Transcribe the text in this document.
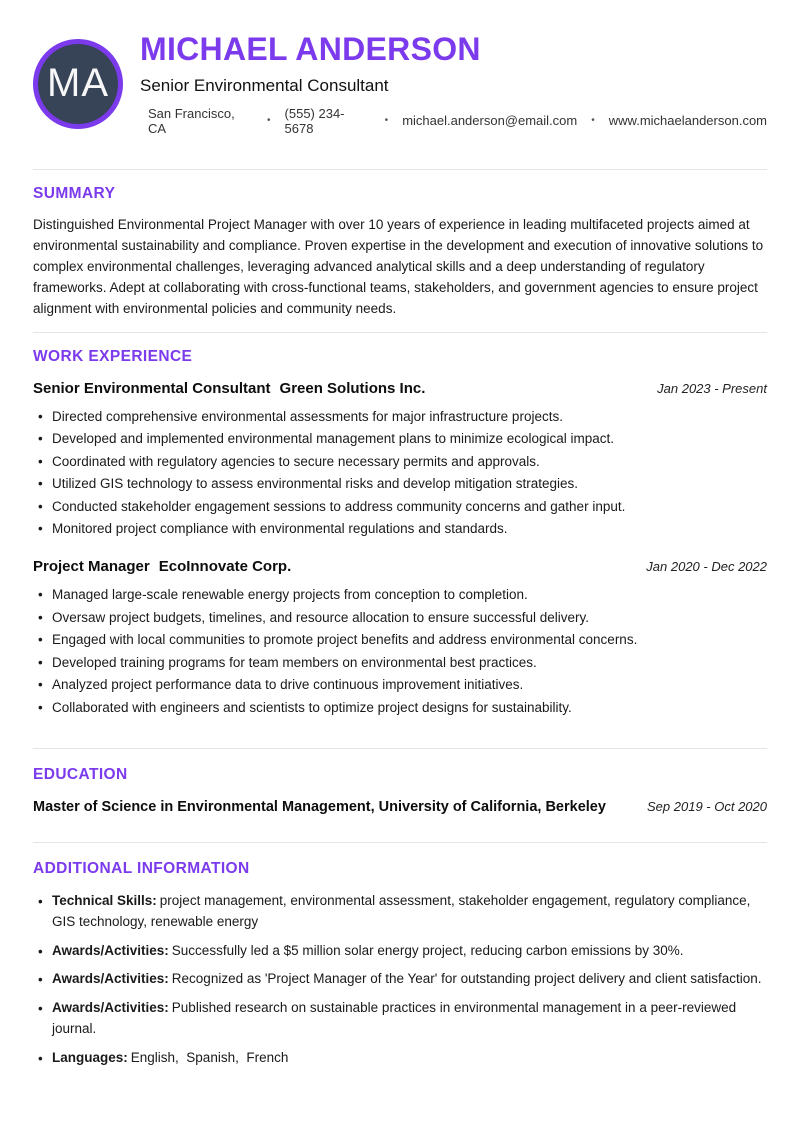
MA
MICHAEL ANDERSON
Senior Environmental Consultant
San Francisco, CA	• (555) 234-5678	• michael.anderson@email.com • www.michaelanderson.com
SUMMARY

Distinguished Environmental Project Manager with over 10 years of experience in leading multifaceted projects aimed at environmental sustainability and compliance. Proven expertise in the development and execution of innovative solutions to complex environmental challenges, leveraging advanced analytical skills and a deep understanding of regulatory frameworks. Adept at collaborating with cross-functional teams, stakeholders, and government agencies to ensure project alignment with environmental policies and community needs.

WORK EXPERIENCE
Senior Environmental Consultant Green Solutions Inc.	Jan 2023 - Present
• Directed comprehensive environmental assessments for major infrastructure projects.
• Developed and implemented environmental management plans to minimize ecological impact.
• Coordinated with regulatory agencies to secure necessary permits and approvals.
• Utilized GIS technology to assess environmental risks and develop mitigation strategies.
• Conducted stakeholder engagement sessions to address community concerns and gather input.
• Monitored project compliance with environmental regulations and standards.
Project Manager EcoInnovate Corp.	Jan 2020 - Dec 2022
• Managed large-scale renewable energy projects from conception to completion.
• Oversaw project budgets, timelines, and resource allocation to ensure successful delivery.
• Engaged with local communities to promote project benefits and address environmental concerns.
• Developed training programs for team members on environmental best practices.
• Analyzed project performance data to drive continuous improvement initiatives.
• Collaborated with engineers and scientists to optimize project designs for sustainability.
EDUCATION
Master of Science in Environmental Management, University of California, Berkeley	Sep 2019 - Oct 2020
ADDITIONAL INFORMATION
• Technical Skills: project management, environmental assessment, stakeholder engagement, regulatory compliance, GIS technology, renewable energy
• Awards/Activities: Successfully led a $5 million solar energy project, reducing carbon emissions by 30%.
• Awards/Activities: Recognized as 'Project Manager of the Year' for outstanding project delivery and client satisfaction.
• Awards/Activities: Published research on sustainable practices in environmental management in a peer-reviewed journal.
• Languages: English,  Spanish,  French
